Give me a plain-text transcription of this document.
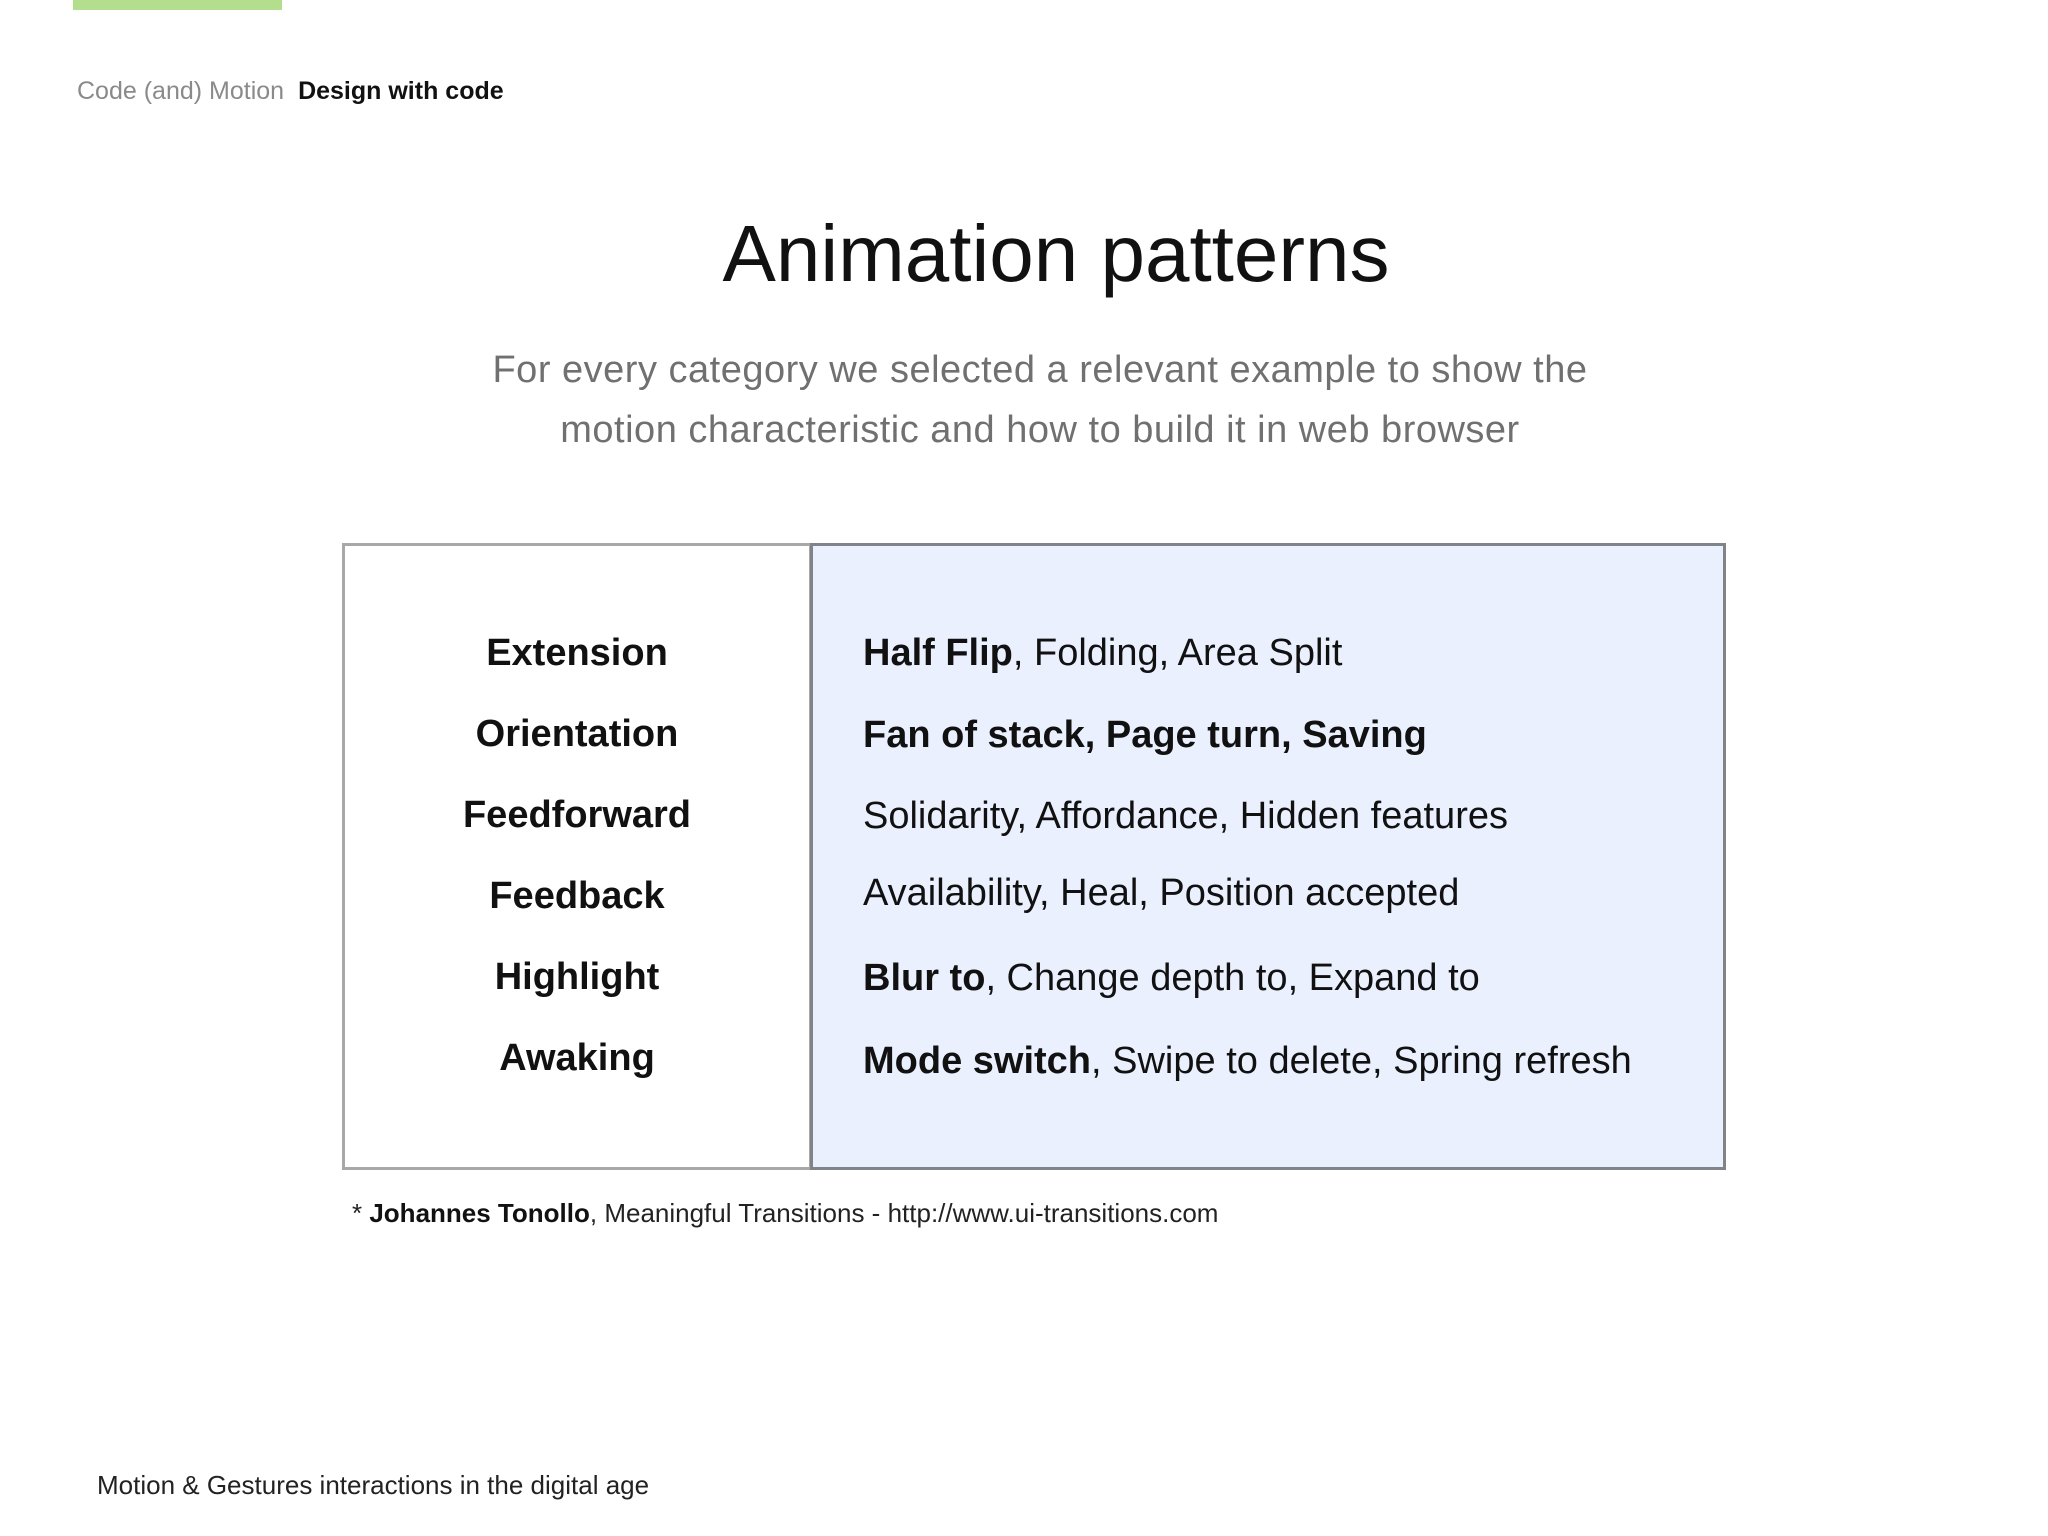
Code (and) Motion Design with code
Animation patterns
For every category we selected a relevant example to show the
motion characteristic and how to build it in web browser
Extension
Orientation
Feedforward
Feedback
Highlight
Awaking
Half Flip, Folding, Area Split
Fan of stack, Page turn, Saving
Solidarity, Affordance, Hidden features
Availability, Heal, Position accepted
Blur to, Change depth to, Expand to
Mode switch, Swipe to delete, Spring refresh
* Johannes Tonollo, Meaningful Transitions - http://www.ui-transitions.com
Motion & Gestures interactions in the digital age
